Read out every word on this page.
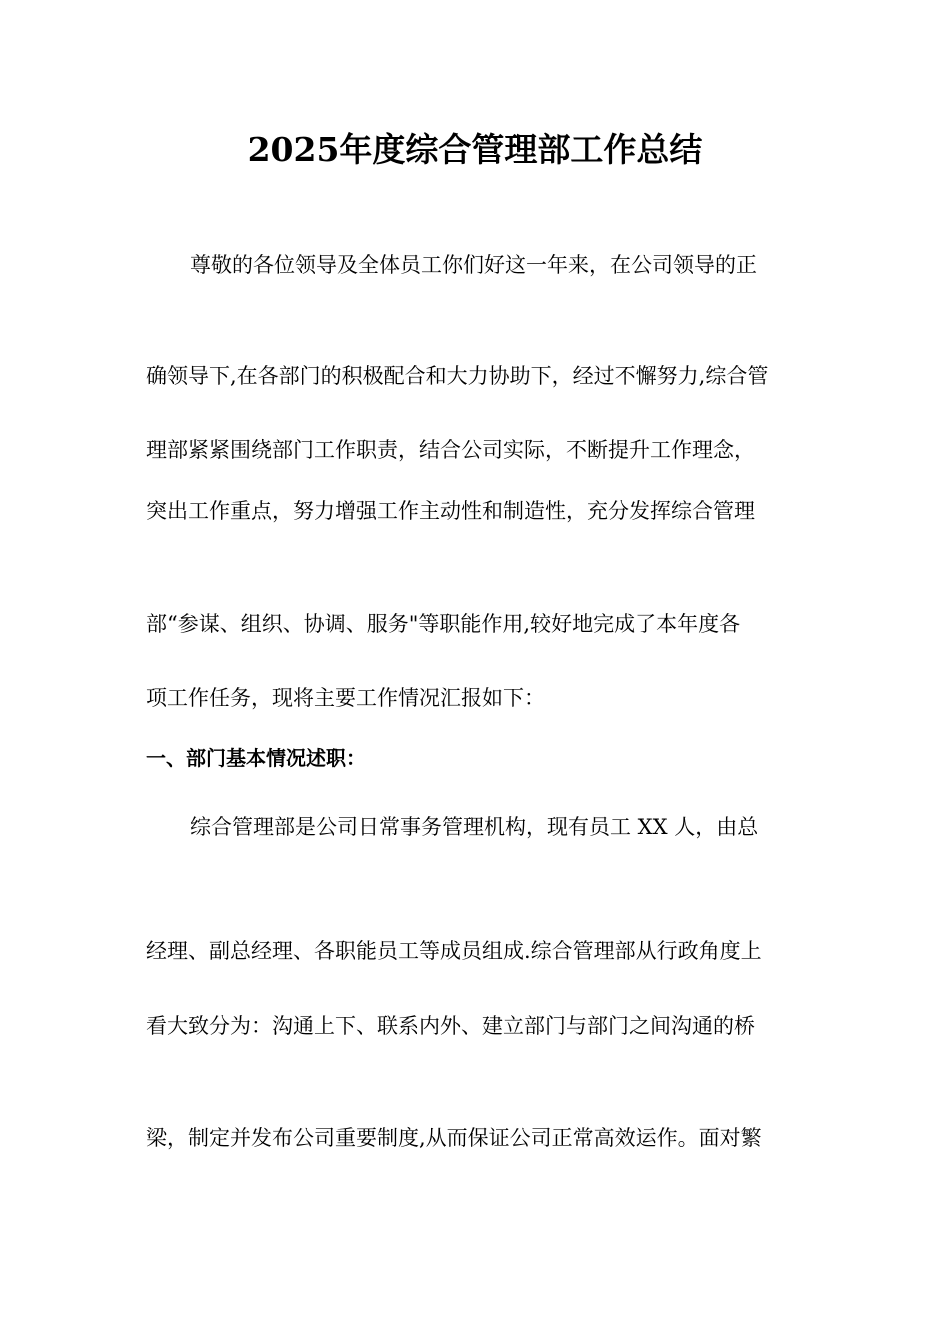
2025年度综合管理部工作总结
尊敬的各位领导及全体员工你们好这一年来，在公司领导的正
确领导下,在各部门的积极配合和大力协助下，经过不懈努力,综合管
理部紧紧围绕部门工作职责，结合公司实际，不断提升工作理念，
突出工作重点，努力增强工作主动性和制造性，充分发挥综合管理
部“参谋、组织、协调、服务"等职能作用,较好地完成了本年度各
项工作任务，现将主要工作情况汇报如下：
一、部门基本情况述职：
综合管理部是公司日常事务管理机构，现有员工 XX 人，由总
经理、副总经理、各职能员工等成员组成.综合管理部从行政角度上
看大致分为：沟通上下、联系内外、建立部门与部门之间沟通的桥
梁，制定并发布公司重要制度,从而保证公司正常高效运作。面对繁
